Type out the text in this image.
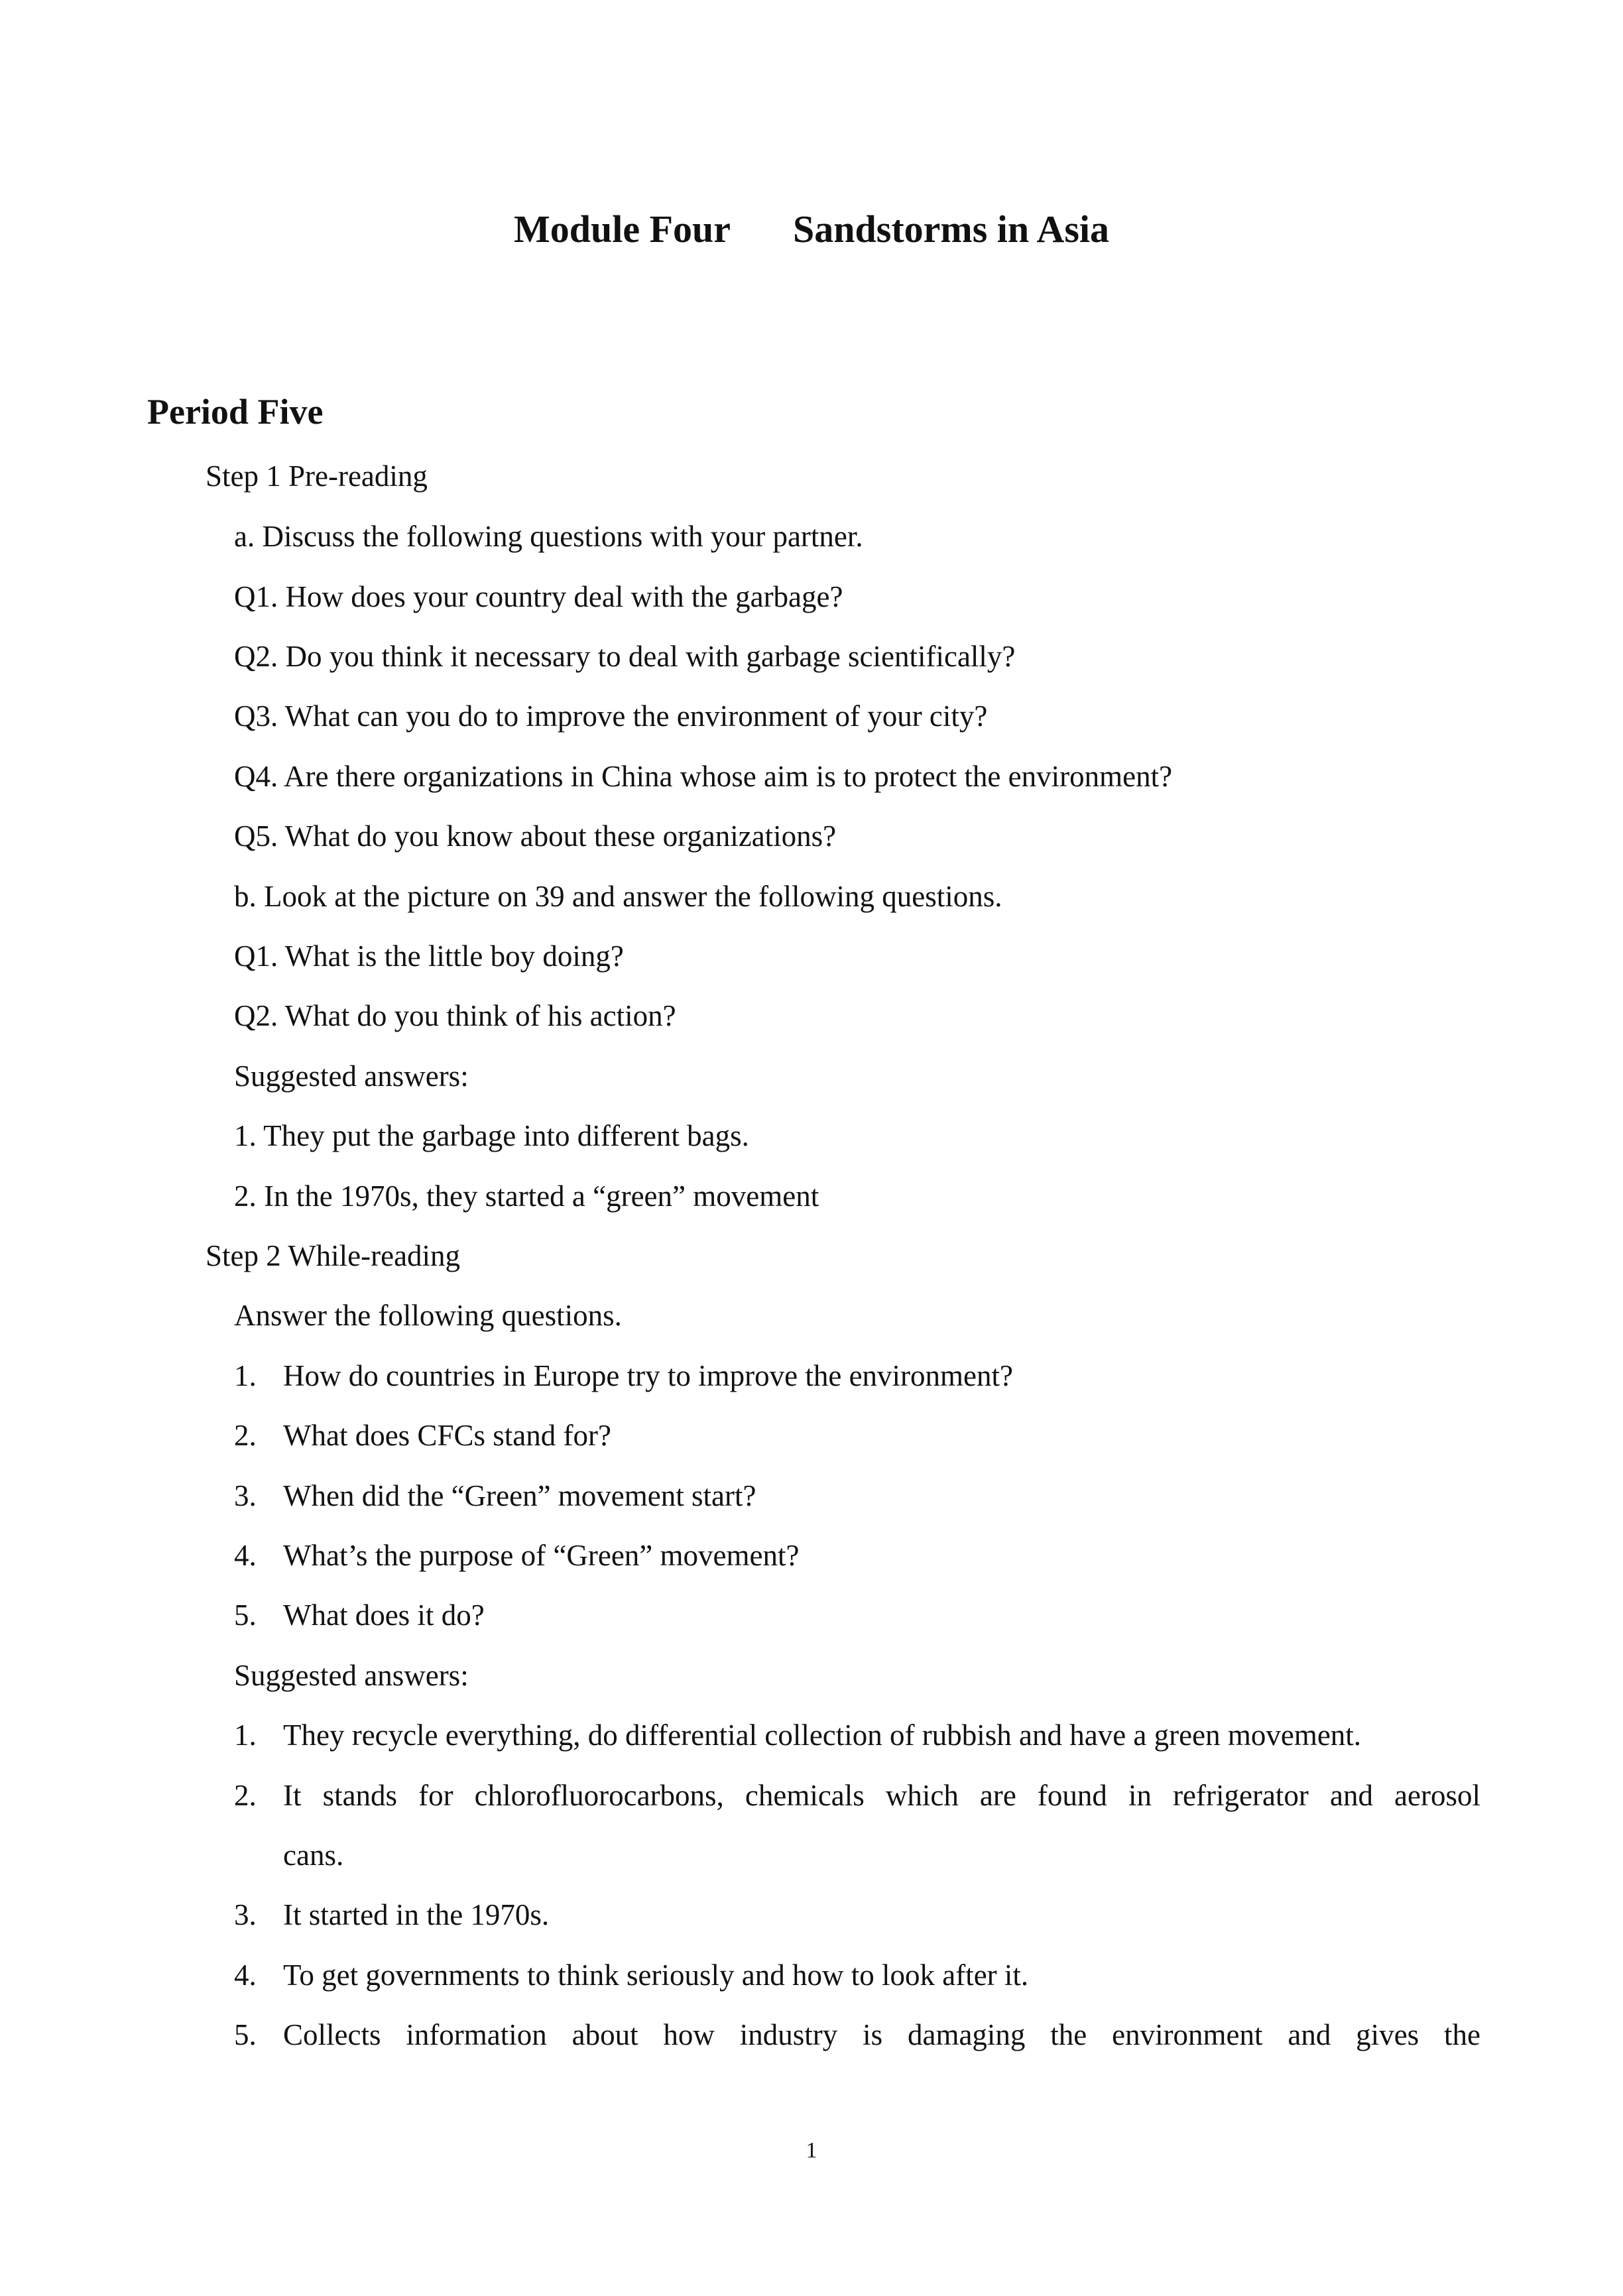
Module Four Sandstorms in Asia
Period Five
Step 1 Pre-reading
a. Discuss the following questions with your partner.
Q1. How does your country deal with the garbage?
Q2. Do you think it necessary to deal with garbage scientifically?
Q3. What can you do to improve the environment of your city?
Q4. Are there organizations in China whose aim is to protect the environment?
Q5. What do you know about these organizations?
b. Look at the picture on 39 and answer the following questions.
Q1. What is the little boy doing?
Q2. What do you think of his action?
Suggested answers:
1. They put the garbage into different bags.
2. In the 1970s, they started a “green” movement
Step 2 While-reading
Answer the following questions.
1. How do countries in Europe try to improve the environment?
2. What does CFCs stand for?
3. When did the “Green” movement start?
4. What’s the purpose of “Green” movement?
5. What does it do?
Suggested answers:
1. They recycle everything, do differential collection of rubbish and have a green movement.
2. It stands for chlorofluorocarbons, chemicals which are found in refrigerator and aerosol
cans.
3. It started in the 1970s.
4. To get governments to think seriously and how to look after it.
5. Collects information about how industry is damaging the environment and gives the
1
